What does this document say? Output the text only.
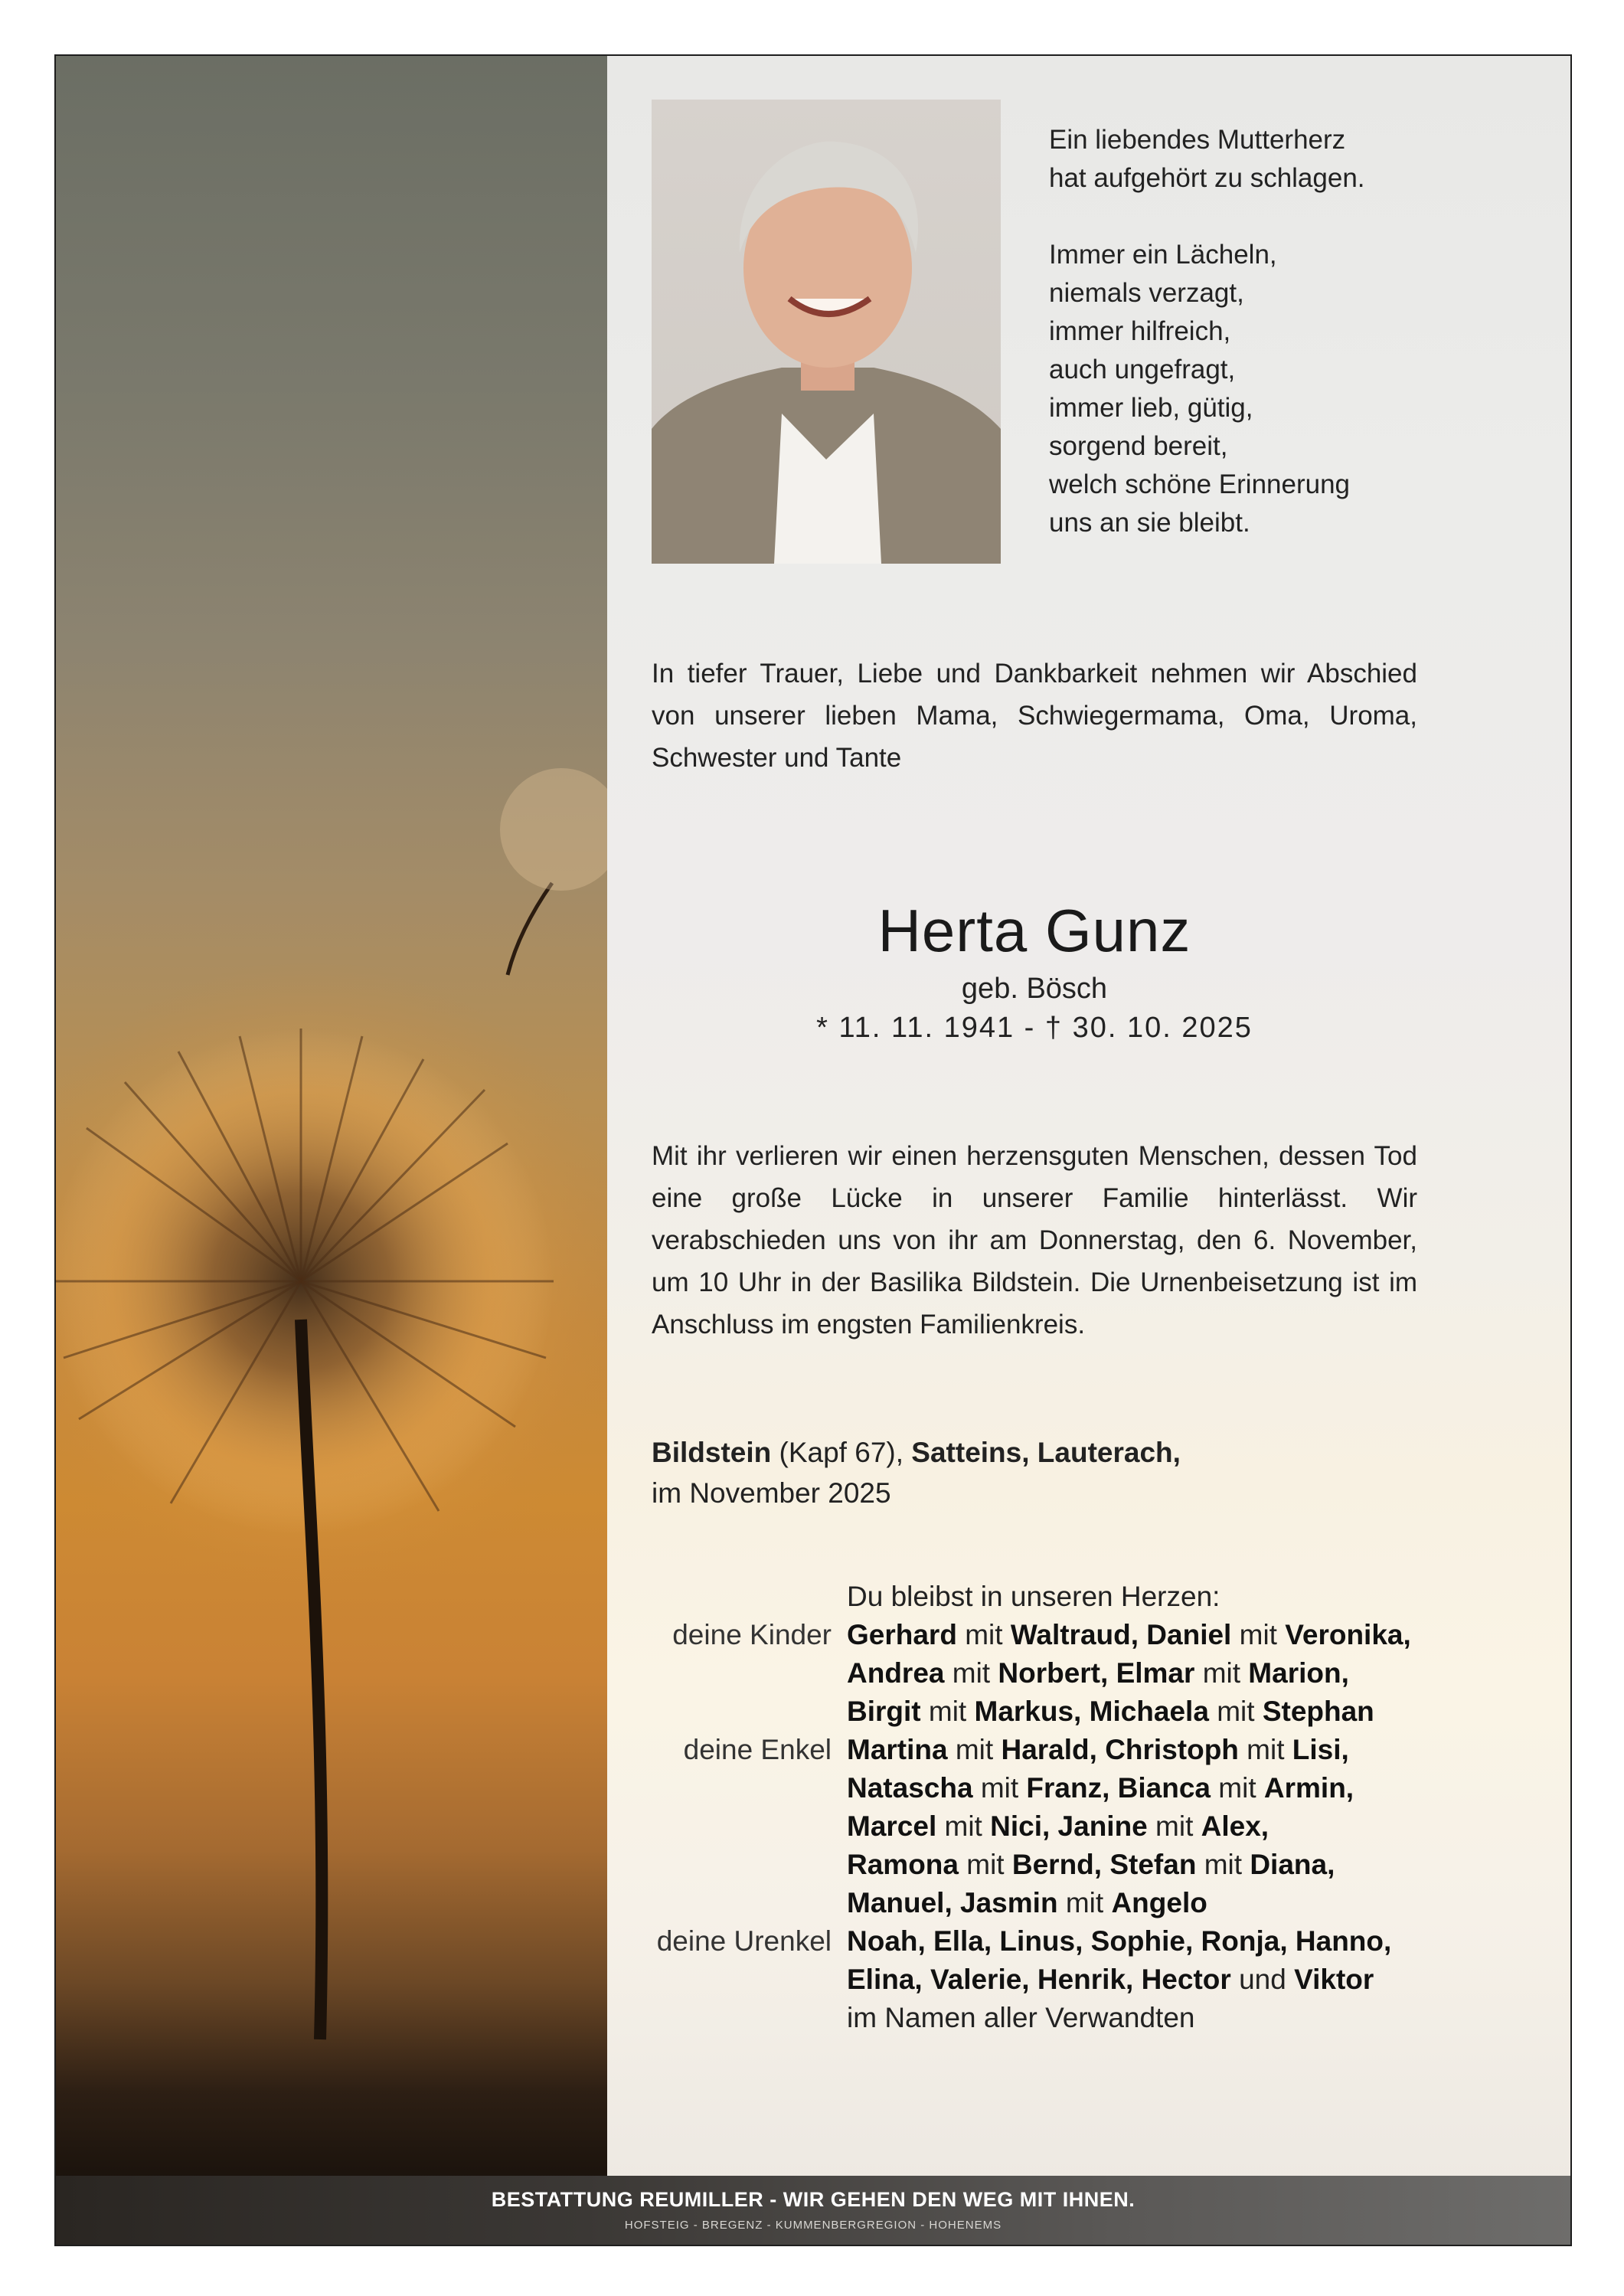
BESTATTUNG REUMILLER - WIR GEHEN DEN WEG MIT IHNEN.
HOFSTEIG - BREGENZ - KUMMENBERGREGION - HOHENEMS

Ein liebendes Mutterherz
hat aufgehört zu schlagen.

Immer ein Lächeln,
niemals verzagt,
immer hilfreich,
auch ungefragt,
immer lieb, gütig,
sorgend bereit,
welch schöne Erinnerung
uns an sie bleibt.

In tiefer Trauer, Liebe und Dankbarkeit nehmen wir Abschied von unserer lieben Mama, Schwiegermama, Oma, Uroma, Schwester und Tante
Herta Gunz
geb. Bösch
* 11. 11. 1941 - † 30. 10. 2025
Mit ihr verlieren wir einen herzensguten Menschen, dessen Tod eine große Lücke in unserer Familie hinterlässt. Wir verabschieden uns von ihr am Donnerstag, den 6. November, um 10 Uhr in der Basilika Bildstein. Die Urnenbeisetzung ist im Anschluss im engsten Familienkreis.
Bildstein (Kapf 67), Satteins, Lauterach,
im November 2025
Du bleibst in unseren Herzen:
deine Kinder Gerhard mit Waltraud, Daniel mit Veronika,
Andrea mit Norbert, Elmar mit Marion,
Birgit mit Markus, Michaela mit Stephan
deine Enkel Martina mit Harald, Christoph mit Lisi,
Natascha mit Franz, Bianca mit Armin,
Marcel mit Nici, Janine mit Alex,
Ramona mit Bernd, Stefan mit Diana,
Manuel, Jasmin mit Angelo
deine Urenkel Noah, Ella, Linus, Sophie, Ronja, Hanno,
Elina, Valerie, Henrik, Hector und Viktor
im Namen aller Verwandten
